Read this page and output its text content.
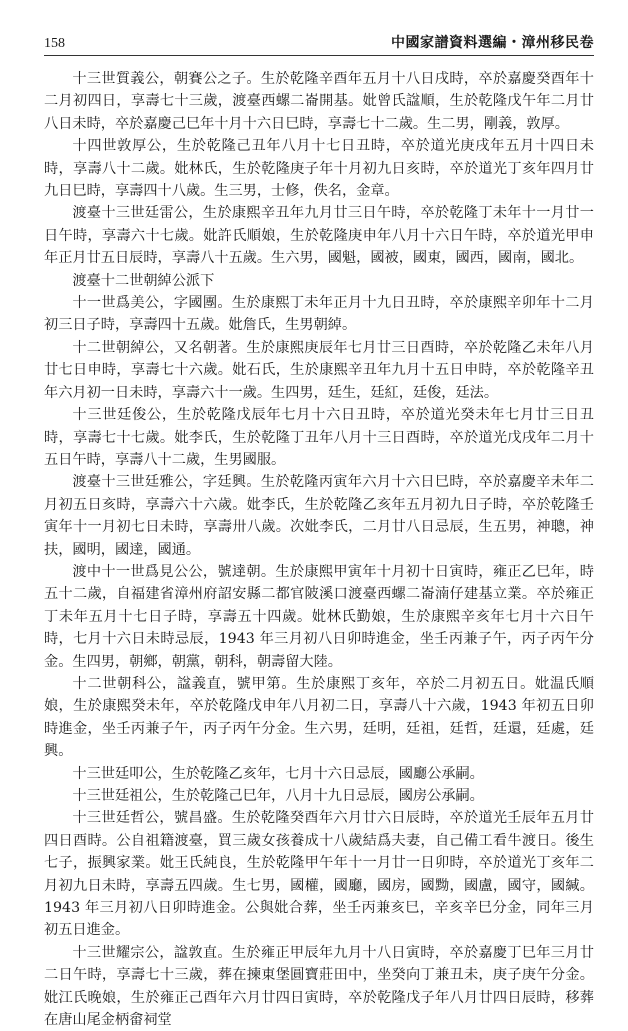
158	中國家譜資料選編・漳州移民卷

十三世質義公，朝賽公之子。生於乾隆辛酉年五月十八日戌時，卒於嘉慶癸酉年十二月初四日，享壽七十三歲，渡臺西螺二崙開基。妣曾氏諡順，生於乾隆戊午年二月廿八日未時，卒於嘉慶己巳年十月十六日巳時，享壽七十二歲。生二男，剛義，敦厚。

十四世敦厚公，生於乾隆己丑年八月十七日丑時，卒於道光庚戌年五月十四日未時，享壽八十二歲。妣林氏，生於乾隆庚子年十月初九日亥時，卒於道光丁亥年四月廿九日巳時，享壽四十八歲。生三男，士修，佚名，金章。

渡臺十三世廷雷公，生於康熙辛丑年九月廿三日午時，卒於乾隆丁未年十一月廿一日午時，享壽六十七歲。妣許氏順娘，生於乾隆庚申年八月十六日午時，卒於道光甲申年正月廿五日辰時，享壽八十五歲。生六男，國魁，國被，國東，國西，國南，國北。

渡臺十二世朝綽公派下

十一世爲美公，字國團。生於康熙丁未年正月十九日丑時，卒於康熙辛卯年十二月初三日子時，享壽四十五歲。妣詹氏，生男朝綽。

十二世朝綽公，又名朝著。生於康熙庚辰年七月廿三日酉時，卒於乾隆乙未年八月廿七日申時，享壽七十六歲。妣石氏，生於康熙辛丑年九月十五日申時，卒於乾隆辛丑年六月初一日未時，享壽六十一歲。生四男，廷生，廷紅，廷俊，廷法。

十三世廷俊公，生於乾隆戊辰年七月十六日丑時，卒於道光癸未年七月廿三日丑時，享壽七十七歲。妣李氏，生於乾隆丁丑年八月十三日酉時，卒於道光戊戌年二月十五日午時，享壽八十二歲，生男國服。

渡臺十三世廷雅公，字廷興。生於乾隆丙寅年六月十六日巳時，卒於嘉慶辛未年二月初五日亥時，享壽六十六歲。妣李氏，生於乾隆乙亥年五月初九日子時，卒於乾隆壬寅年十一月初七日未時，享壽卅八歲。次妣李氏，二月廿八日忌辰，生五男，神聰，神扶，國明，國達，國通。

渡中十一世爲見公公，號達朝。生於康熙甲寅年十月初十日寅時，雍正乙巳年，時五十二歲，自福建省漳州府詔安縣二都官陂溪口渡臺西螺二崙湳仔建基立業。卒於雍正丁未年五月十七日子時，享壽五十四歲。妣林氏勤娘，生於康熙辛亥年七月十六日午時，七月十六日未時忌辰，1943 年三月初八日卯時進金，坐壬丙兼子午，丙子丙午分金。生四男，朝鄉，朝黨，朝科，朝壽留大陸。

十二世朝科公，諡義直，號甲第。生於康熙丁亥年，卒於二月初五日。妣温氏順娘，生於康熙癸未年，卒於乾隆戊申年八月初二日，享壽八十六歲，1943 年初五日卯時進金，坐壬丙兼子午，丙子丙午分金。生六男，廷明，廷祖，廷哲，廷還，廷處，廷興。

十三世廷叩公，生於乾隆乙亥年，七月十六日忌辰，國廳公承嗣。

十三世廷祖公，生於乾隆己巳年，八月十九日忌辰，國房公承嗣。

十三世廷哲公，號昌盛。生於乾隆癸酉年六月廿六日辰時，卒於道光壬辰年五月廿四日酉時。公自祖籍渡臺，買三歲女孩養成十八歲結爲夫妻，自己備工看牛渡日。後生七子，振興家業。妣王氏純良，生於乾隆甲午年十一月廿一日卯時，卒於道光丁亥年二月初九日未時，享壽五四歲。生七男，國權，國廳，國房，國黝，國盧，國守，國緘。1943 年三月初八日卯時進金。公與妣合葬，坐壬丙兼亥巳，辛亥辛巳分金，同年三月初五日進金。

十三世耀宗公，諡敦直。生於雍正甲辰年九月十八日寅時，卒於嘉慶丁巳年三月廿二日午時，享壽七十三歲，葬在揀東堡圓寶莊田中，坐癸向丁兼丑未，庚子庚午分金。妣江氏晚娘，生於雍正己酉年六月廿四日寅時，卒於乾隆戊子年八月廿四日辰時，移葬在唐山尾金柄畲祠堂
